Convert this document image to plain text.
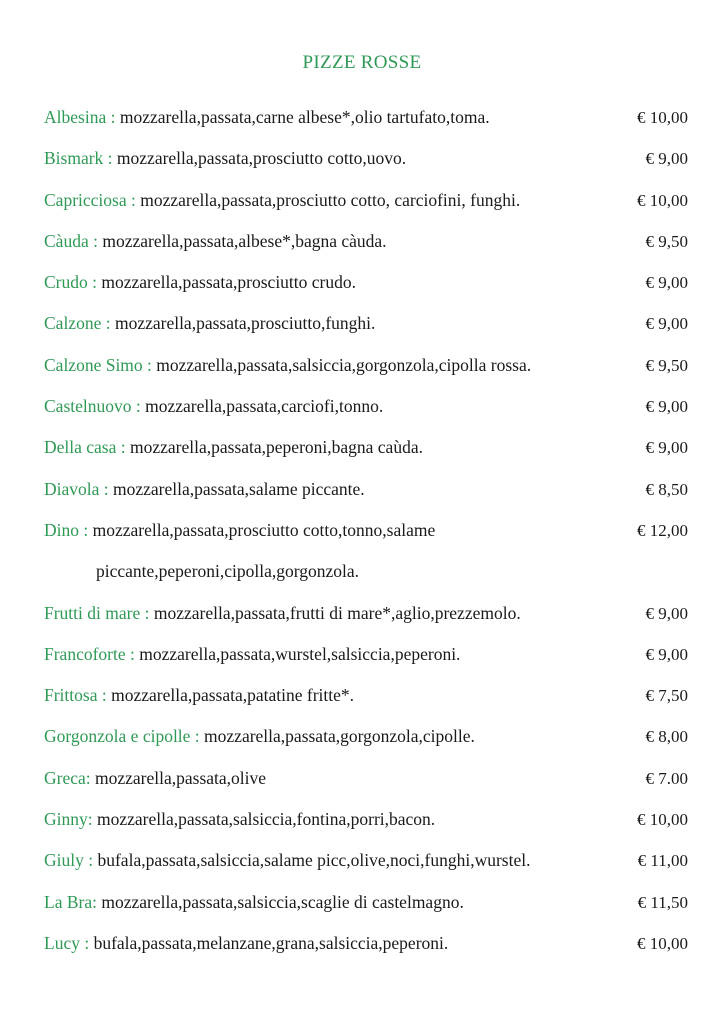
PIZZE ROSSE
Albesina : mozzarella,passata,carne albese*,olio tartufato,toma.	€ 10,00
Bismark : mozzarella,passata,prosciutto cotto,uovo.	€ 9,00
Capricciosa : mozzarella,passata,prosciutto cotto, carciofini, funghi.	€ 10,00
Càuda : mozzarella,passata,albese*,bagna càuda.	€ 9,50
Crudo : mozzarella,passata,prosciutto crudo.	€ 9,00
Calzone : mozzarella,passata,prosciutto,funghi.	€ 9,00
Calzone Simo : mozzarella,passata,salsiccia,gorgonzola,cipolla rossa.	€ 9,50
Castelnuovo : mozzarella,passata,carciofi,tonno.	€ 9,00
Della casa : mozzarella,passata,peperoni,bagna caùda.	€ 9,00
Diavola : mozzarella,passata,salame piccante.	€ 8,50
Dino : mozzarella,passata,prosciutto cotto,tonno,salame	€ 12,00
piccante,peperoni,cipolla,gorgonzola.
Frutti di mare : mozzarella,passata,frutti di mare*,aglio,prezzemolo.	€ 9,00
Francoforte : mozzarella,passata,wurstel,salsiccia,peperoni.	€ 9,00
Frittosa : mozzarella,passata,patatine fritte*.	€ 7,50
Gorgonzola e cipolle : mozzarella,passata,gorgonzola,cipolle.	€ 8,00
Greca: mozzarella,passata,olive	€ 7.00
Ginny: mozzarella,passata,salsiccia,fontina,porri,bacon.	€ 10,00
Giuly : bufala,passata,salsiccia,salame picc,olive,noci,funghi,wurstel.	€ 11,00
La Bra: mozzarella,passata,salsiccia,scaglie di castelmagno.	€ 11,50
Lucy : bufala,passata,melanzane,grana,salsiccia,peperoni.	€ 10,00
